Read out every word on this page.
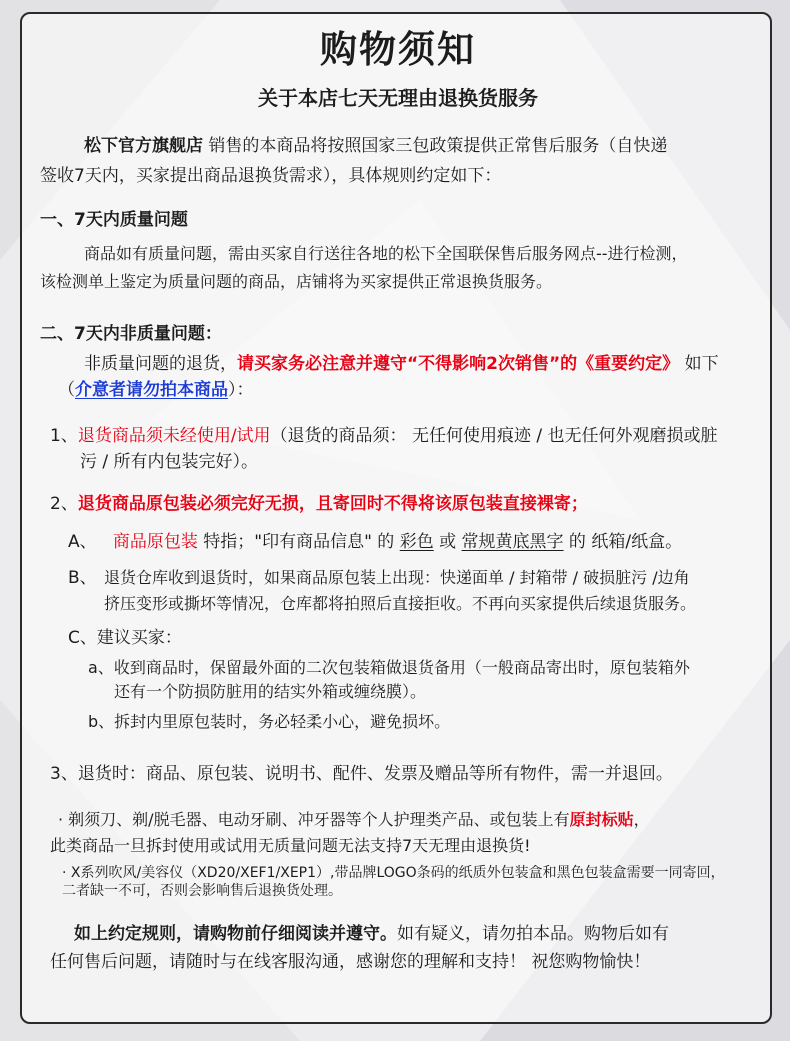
购物须知
关于本店七天无理由退换货服务
松下官方旗舰店 销售的本商品将按照国家三包政策提供正常售后服务（自快递
签收7天内，买家提出商品退换货需求），具体规则约定如下：
一、7天内质量问题
商品如有质量问题，需由买家自行送往各地的松下全国联保售后服务网点--进行检测，
该检测单上鉴定为质量问题的商品，店铺将为买家提供正常退换货服务。
二、7天内非质量问题：
非质量问题的退货，请买家务必注意并遵守“不得影响2次销售”的《重要约定》 如下
（介意者请勿拍本商品）：
1、退货商品须未经使用/试用（退货的商品须： 无任何使用痕迹 / 也无任何外观磨损或脏
污 / 所有内包装完好）。
2、退货商品原包装必须完好无损，且寄回时不得将该原包装直接裸寄；
A、 商品原包装 特指；"印有商品信息" 的 彩色 或 常规黄底黑字 的 纸箱/纸盒。
B、 退货仓库收到退货时，如果商品原包装上出现：快递面单 / 封箱带 / 破损脏污 /边角
挤压变形或撕坏等情况，仓库都将拍照后直接拒收。不再向买家提供后续退货服务。
C、建议买家：
a、收到商品时，保留最外面的二次包装箱做退货备用（一般商品寄出时，原包装箱外
还有一个防损防脏用的结实外箱或缠绕膜）。
b、拆封内里原包装时，务必轻柔小心，避免损坏。
3、退货时：商品、原包装、说明书、配件、发票及赠品等所有物件，需一并退回。
· 剃须刀、剃/脱毛器、电动牙刷、冲牙器等个人护理类产品、或包装上有原封标贴，
此类商品一旦拆封使用或试用无质量问题无法支持7天无理由退换货!
· X系列吹风/美容仪（XD20/XEF1/XEP1）,带品牌LOGO条码的纸质外包装盒和黑色包装盒需要一同寄回，
二者缺一不可，否则会影响售后退换货处理。
如上约定规则，请购物前仔细阅读并遵守。如有疑义，请勿拍本品。购物后如有
任何售后问题，请随时与在线客服沟通，感谢您的理解和支持！ 祝您购物愉快！
